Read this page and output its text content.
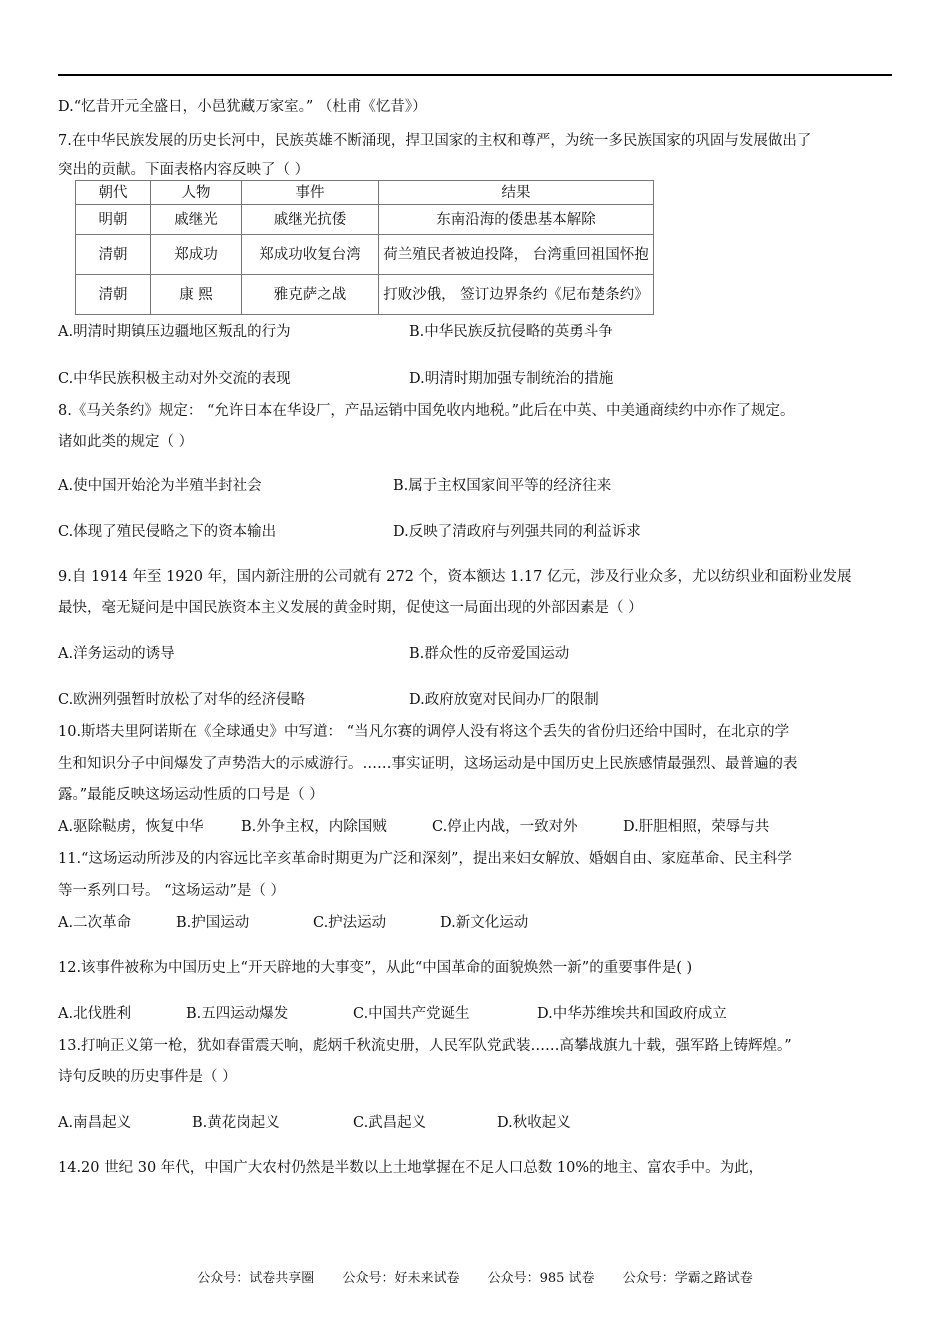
D.“忆昔开元全盛日，小邑犹藏万家室。” （杜甫《忆昔》）
7.在中华民族发展的历史长河中，民族英雄不断涌现，捍卫国家的主权和尊严，为统一多民族国家的巩固与发展做出了
突出的贡献。下面表格内容反映了（ ）
朝代	人物	事件	结果
明朝	戚继光	戚继光抗倭	东南沿海的倭患基本解除
清朝	郑成功	郑成功收复台湾	荷兰殖民者被迫投降， 台湾重回祖国怀抱
清朝	康 熙	雅克萨之战	打败沙俄， 签订边界条约《尼布楚条约》
A.明清时期镇压边疆地区叛乱的行为	B.中华民族反抗侵略的英勇斗争
C.中华民族积极主动对外交流的表现	D.明清时期加强专制统治的措施
8.《马关条约》规定： “允许日本在华设厂，产品运销中国免收内地税。”此后在中英、中美通商续约中亦作了规定。
诸如此类的规定（ ）
A.使中国开始沦为半殖半封社会	B.属于主权国家间平等的经济往来
C.体现了殖民侵略之下的资本输出	D.反映了清政府与列强共同的利益诉求
9.自 1914 年至 1920 年，国内新注册的公司就有 272 个，资本额达 1.17 亿元，涉及行业众多，尤以纺织业和面粉业发展
最快，毫无疑问是中国民族资本主义发展的黄金时期，促使这一局面出现的外部因素是（ ）
A.洋务运动的诱导	B.群众性的反帝爱国运动
C.欧洲列强暂时放松了对华的经济侵略	D.政府放宽对民间办厂的限制
10.斯塔夫里阿诺斯在《全球通史》中写道： “当凡尔赛的调停人没有将这个丢失的省份归还给中国时，在北京的学
生和知识分子中间爆发了声势浩大的示威游行。……事实证明，这场运动是中国历史上民族感情最强烈、最普遍的表
露。”最能反映这场运动性质的口号是（ ）
A.驱除鞑虏，恢复中华	B.外争主权，内除国贼	C.停止内战，一致对外	D.肝胆相照，荣辱与共
11.“这场运动所涉及的内容远比辛亥革命时期更为广泛和深刻”，提出来妇女解放、婚姻自由、家庭革命、民主科学
等一系列口号。 “这场运动”是（ ）
A.二次革命	B.护国运动	C.护法运动	D.新文化运动
12.该事件被称为中国历史上“开天辟地的大事变”，从此“中国革命的面貌焕然一新”的重要事件是( )
A.北伐胜利	B.五四运动爆发	C.中国共产党诞生	D.中华苏维埃共和国政府成立
13.打响正义第一枪，犹如春雷震天响，彪炳千秋流史册，人民军队党武装……高攀战旗九十载，强军路上铸辉煌。”
诗句反映的历史事件是（ ）
A.南昌起义	B.黄花岗起义	C.武昌起义	D.秋收起义
14.20 世纪 30 年代，中国广大农村仍然是半数以上土地掌握在不足人口总数 10%的地主、富农手中。为此，
公众号：试卷共享圈 公众号：好未来试卷 公众号：985 试卷 公众号：学霸之路试卷
